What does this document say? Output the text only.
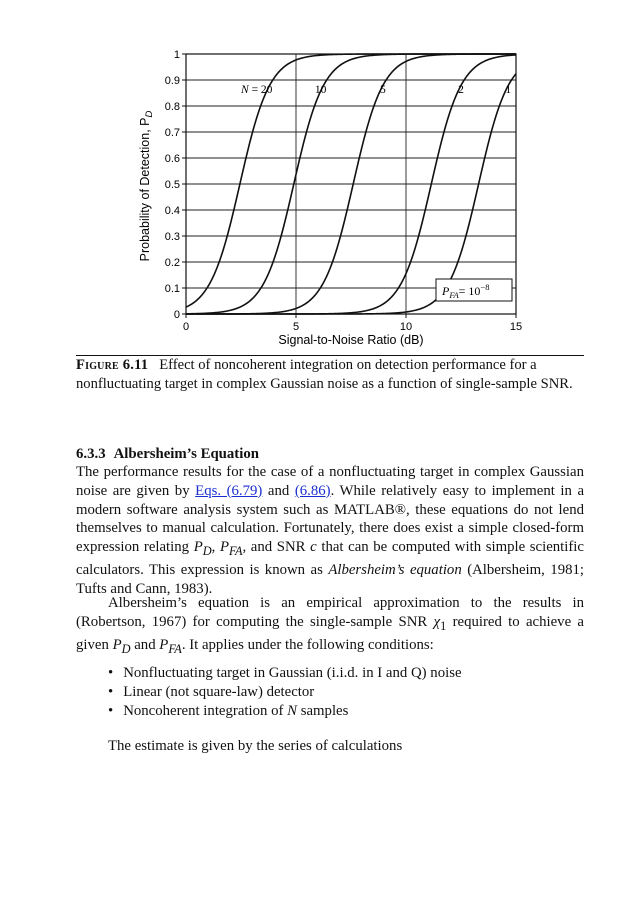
0
0.1
0.2
0.3
0.4
0.5
0.6
0.7
0.8
0.9
1
0	5	10	15
N = 20	10	5	2	1
Signal-to-Noise Ratio (dB)
Probability of Detection, $P_D$
$P_{FA}= 10^{-8}$
Figure 6.11 Effect of noncoherent integration on detection performance for a nonfluctuating target in complex Gaussian noise as a function of single-sample SNR.
6.3.3 Albersheim’s Equation

The performance results for the case of a nonfluctuating target in complex Gaussian noise are given by Eqs. (6.79) and (6.86). While relatively easy to implement in a modern software analysis system such as MATLAB®, these equations do not lend themselves to manual calculation. Fortunately, there does exist a simple closed-form expression relating $P_D$, $P_{FA}$, and SNR c that can be computed with simple scientific calculators. This expression is known as Albersheim’s equation (Albersheim, 1981; Tufts and Cann, 1983).

Albersheim’s equation is an empirical approximation to the results in (Robertson, 1967) for computing the single-sample SNR $\chi_1$ required to achieve a given $P_D$ and $P_{FA}$. It applies under the following conditions:

• Nonfluctuating target in Gaussian (i.i.d. in I and Q) noise
• Linear (not square-law) detector
• Noncoherent integration of N samples
The estimate is given by the series of calculations
